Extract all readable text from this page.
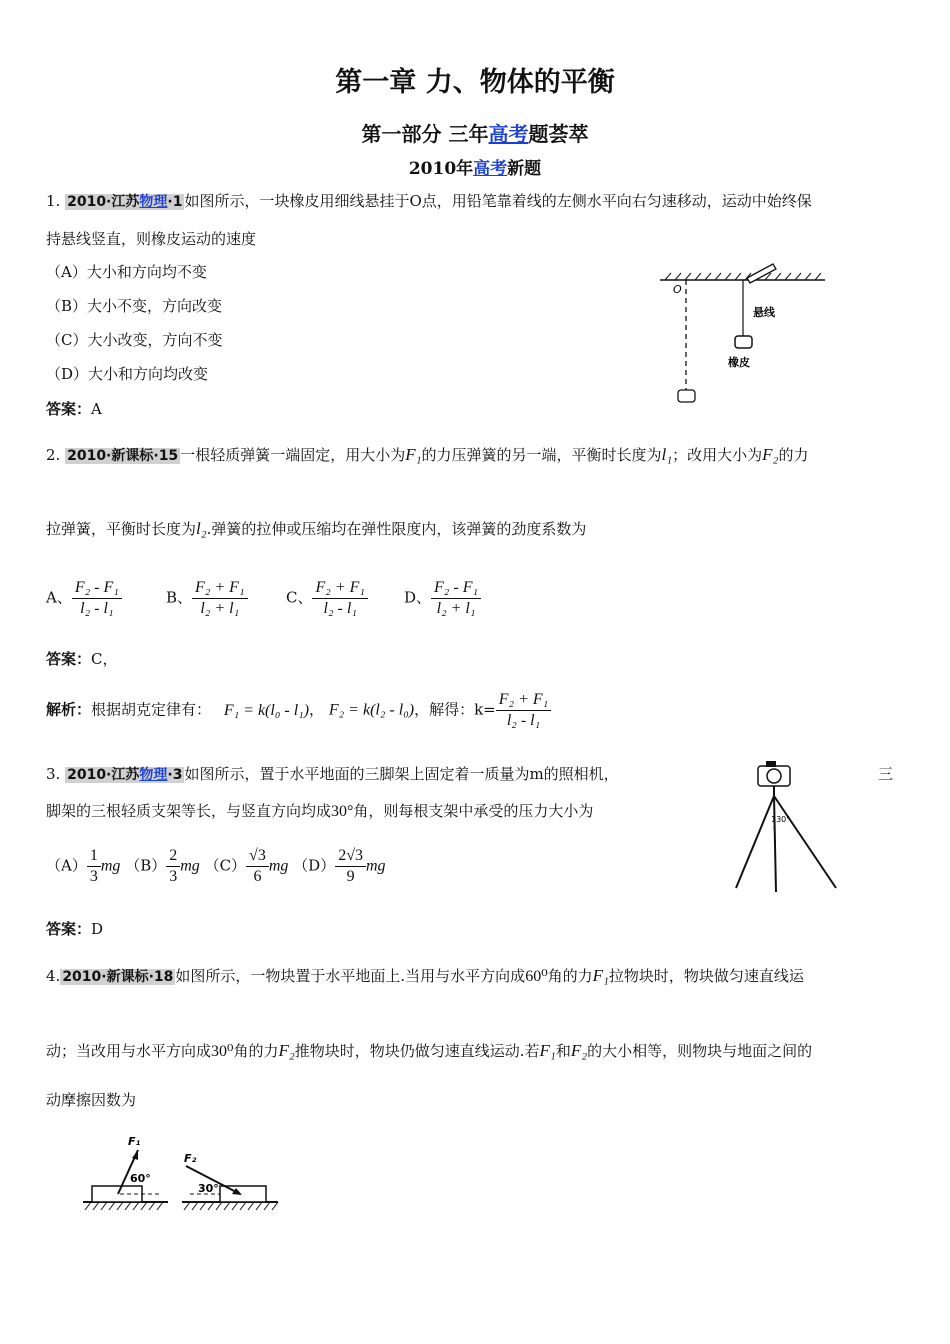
第一章 力、物体的平衡
第一部分 三年高考题荟萃
2010年高考新题
1. 2010·江苏物理·1 如图所示，一块橡皮用细线悬挂于O点，用铅笔靠着线的左侧水平向右匀速移动，运动中始终保
持悬线竖直，则橡皮运动的速度
（A）大小和方向均不变
（B）大小不变，方向改变
（C）大小改变，方向不变
（D）大小和方向均改变
答案：A
O
悬线
橡皮
2. 2010·新课标·15 一根轻质弹簧一端固定，用大小为F₁的力压弹簧的另一端，平衡时长度为l₁；改用大小为F₂的力
拉弹簧，平衡时长度为l₂.弹簧的拉伸或压缩均在弹性限度内，该弹簧的劲度系数为
A、 $\frac{\text{F₂ - F₁}}{\text{l₂ - l₁}}$	B、 $\frac{\text{F₂ + F₁}}{\text{l₂ + l₁}}$	C、 $\frac{\text{F₂ + F₁}}{\text{l₂ - l₁}}$ D、 $\frac{\text{F₂ - F₁}}{\text{l₂ + l₁}}$
答案：C，
解析：根据胡克定律有： F₁ = k(l₀ - l₁)， F₂ = k(l₂ - l₀)，解得：$k= \frac{\text{F₂ + F₁}}{\text{l₂ - l₁}}$
3. 2010·江苏物理·3 如图所示，置于水平地面的三脚架上固定着一质量为m的照相机，	三
脚架的三根轻质支架等长，与竖直方向均成30°角，则每根支架中承受的压力大小为
$(A) \frac{1}{3}$ mg $(B) \frac{2}{3}$ mg $(C) \frac{√3}{6}$ mg $(D) \frac{2√3}{9}$ mg
答案：D
130°
4. 2010·新课标·18 如图所示，一物块置于水平地面上.当用与水平方向成60⁰角的力F₁拉物块时，物块做匀速直线运
动；当改用与水平方向成30⁰角的力F₂推物块时，物块仍做匀速直线运动.若F₁和F₂的大小相等，则物块与地面之间的
动摩擦因数为
F₁
60°
F₂
30°
